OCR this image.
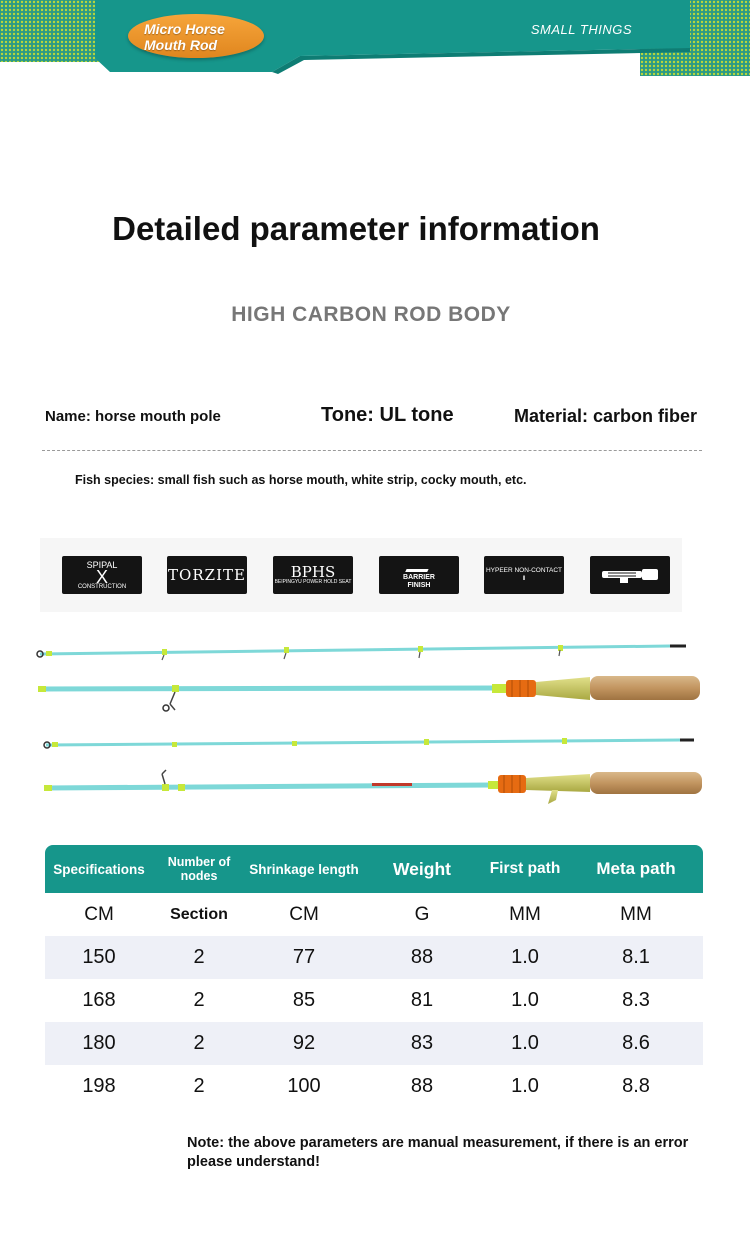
Micro Horse Mouth Rod
SMALL THINGS
Detailed parameter information
HIGH CARBON ROD BODY
Name: horse mouth pole	Tone: UL tone	Material: carbon fiber
Fish species: small fish such as horse mouth, white strip, cocky mouth, etc.
SPIPAL
X
CONSTRUCTION
TORZITE	BPHS
BEIPINGYU POWER HOLD SEAT
BARRIER
FINISH
HYPEER NON-CONTACT Ⅱ
Specifications	Number of nodes	Shrinkage length	Weight	First path	Meta path
CM	Section	CM	G	MM	MM
150	2	77	88	1.0	8.1
168	2	85	81	1.0	8.3
180	2	92	83	1.0	8.6
198	2	100	88	1.0	8.8
Note: the above parameters are manual measurement, if there is an error please understand!
